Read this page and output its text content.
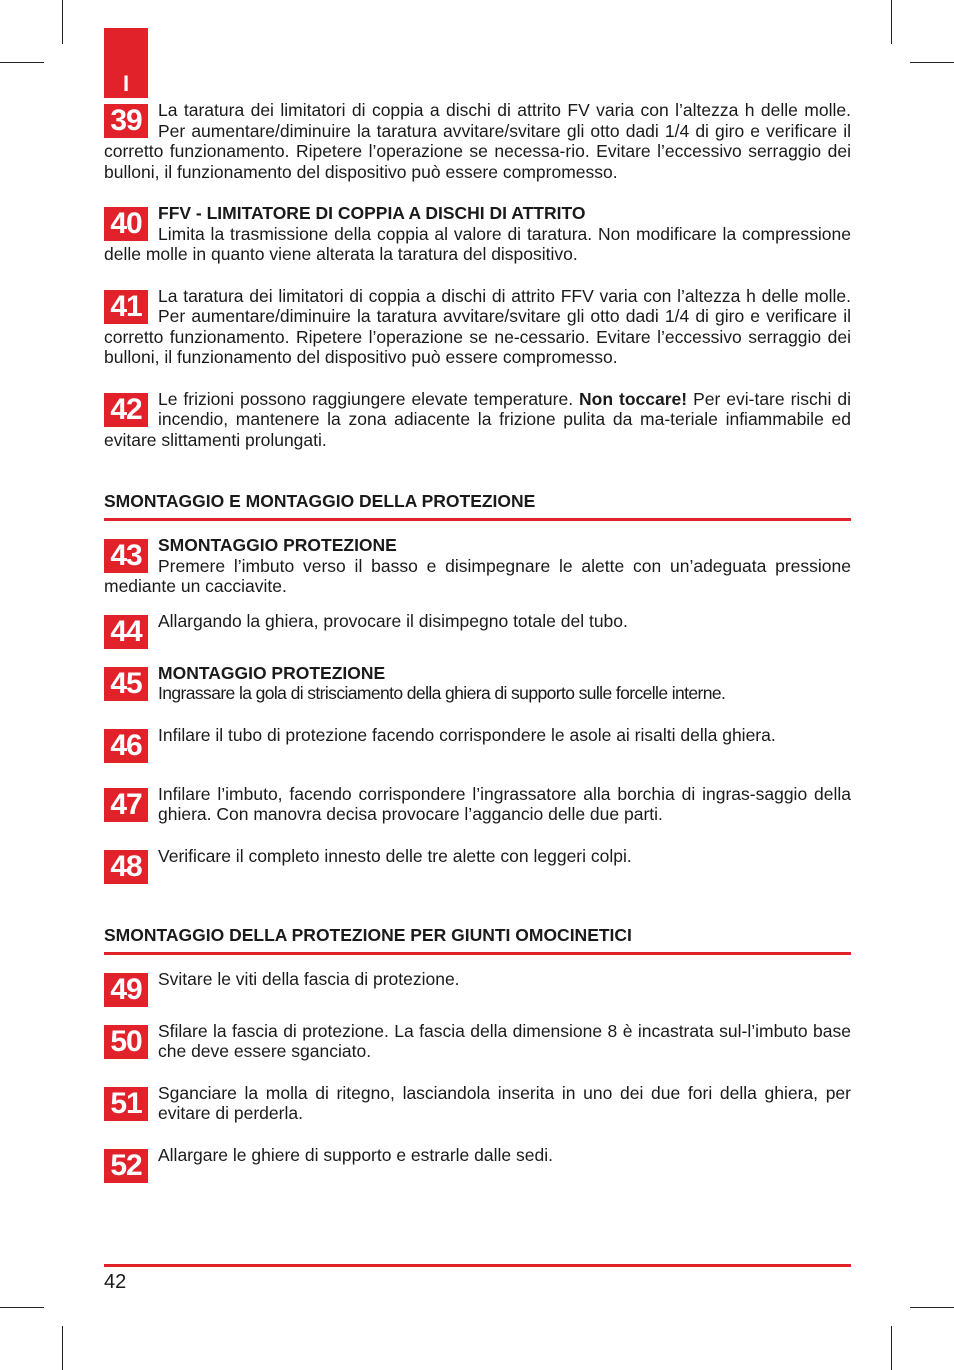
I
39 La taratura dei limitatori di coppia a dischi di attrito FV varia con l’altezza h delle molle. Per aumentare/diminuire la taratura avvitare/svitare gli otto dadi 1/4 di giro e verificare il corretto funzionamento. Ripetere l’operazione se necessa-rio. Evitare l’eccessivo serraggio dei bulloni, il funzionamento del dispositivo può essere compromesso.
40 FFV - LIMITATORE DI COPPIA A DISCHI DI ATTRITO
Limita la trasmissione della coppia al valore di taratura. Non modificare la compressione delle molle in quanto viene alterata la taratura del dispositivo.
41 La taratura dei limitatori di coppia a dischi di attrito FFV varia con l’altezza h delle molle. Per aumentare/diminuire la taratura avvitare/svitare gli otto dadi 1/4 di giro e verificare il corretto funzionamento. Ripetere l’operazione se ne-cessario. Evitare l’eccessivo serraggio dei bulloni, il funzionamento del dispositivo può essere compromesso.
42 Le frizioni possono raggiungere elevate temperature. Non toccare! Per evi-tare rischi di incendio, mantenere la zona adiacente la frizione pulita da ma-teriale infiammabile ed evitare slittamenti prolungati.
SMONTAGGIO E MONTAGGIO DELLA PROTEZIONE
43 SMONTAGGIO PROTEZIONE
Premere l’imbuto verso il basso e disimpegnare le alette con un’adeguata pressione mediante un cacciavite.
44 Allargando la ghiera, provocare il disimpegno totale del tubo.
45 MONTAGGIO PROTEZIONE
Ingrassare la gola di strisciamento della ghiera di supporto sulle forcelle interne.
46 Infilare il tubo di protezione facendo corrispondere le asole ai risalti della ghiera.
47 Infilare l’imbuto, facendo corrispondere l’ingrassatore alla borchia di ingras-saggio della ghiera. Con manovra decisa provocare l’aggancio delle due parti.
48 Verificare il completo innesto delle tre alette con leggeri colpi.
SMONTAGGIO DELLA PROTEZIONE PER GIUNTI OMOCINETICI
49 Svitare le viti della fascia di protezione.
50 Sfilare la fascia di protezione. La fascia della dimensione 8 è incastrata sul-l’imbuto base che deve essere sganciato.
51 Sganciare la molla di ritegno, lasciandola inserita in uno dei due fori della ghiera, per evitare di perderla.
52 Allargare le ghiere di supporto e estrarle dalle sedi.
42
